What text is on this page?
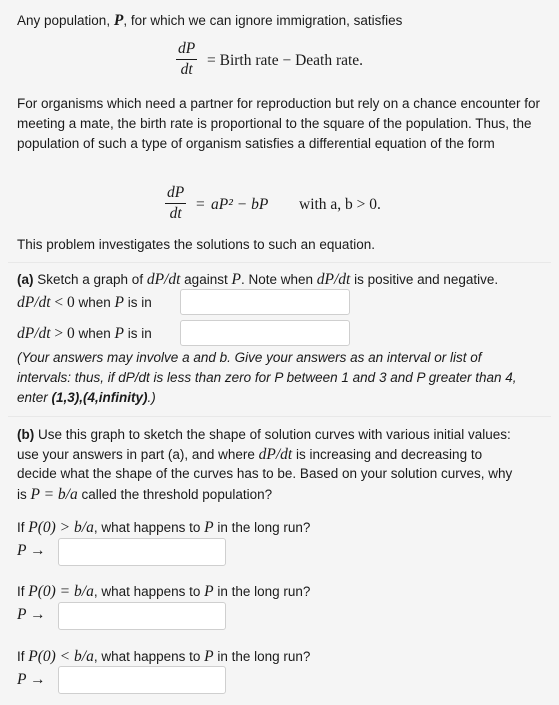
Any population, P, for which we can ignore immigration, satisfies
dP
dt
= Birth rate − Death rate.
For organisms which need a partner for reproduction but rely on a chance encounter for meeting a mate, the birth rate is proportional to the square of the population. Thus, the population of such a type of organism satisfies a differential equation of the form
dP
dt
= aP² − bP with a, b > 0.
This problem investigates the solutions to such an equation.
(a) Sketch a graph of dP/dt against P. Note when dP/dt is positive and negative.
dP/dt < 0 when P is in
dP/dt > 0 when P is in
(Your answers may involve a and b. Give your answers as an interval or list of
intervals: thus, if dP/dt is less than zero for P between 1 and 3 and P greater than 4,
enter (1,3),(4,infinity).)
(b) Use this graph to sketch the shape of solution curves with various initial values:
use your answers in part (a), and where dP/dt is increasing and decreasing to
decide what the shape of the curves has to be. Based on your solution curves, why
is P = b/a called the threshold population?
If P(0) > b/a, what happens to P in the long run?
P →
If P(0) = b/a, what happens to P in the long run?
P →
If P(0) < b/a, what happens to P in the long run?
P →
